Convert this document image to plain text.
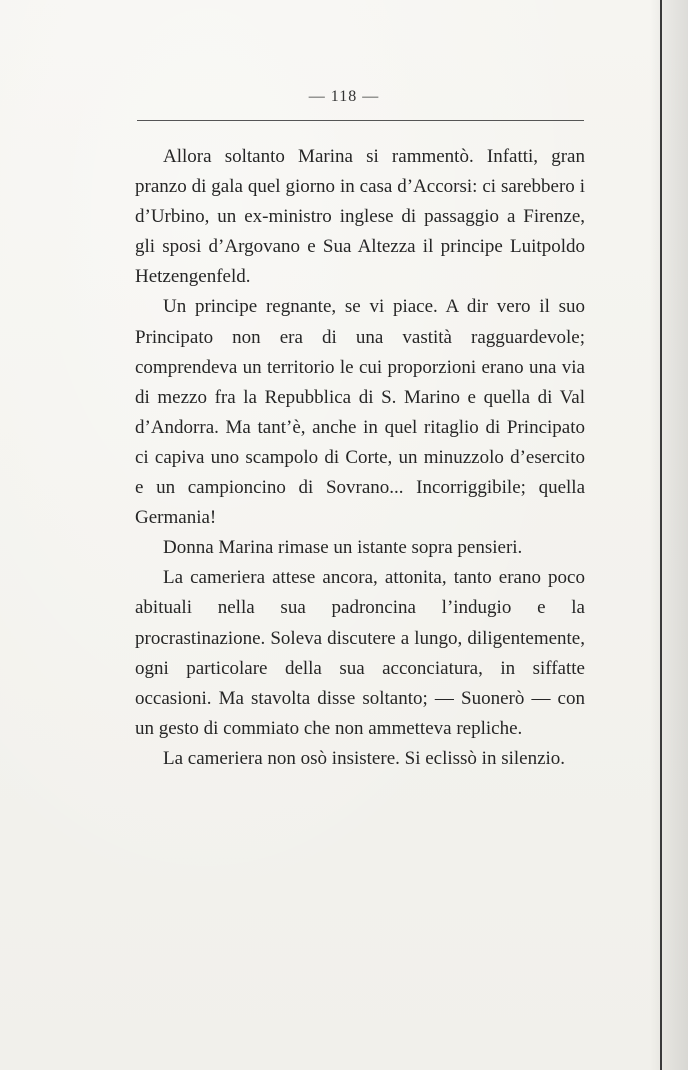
— 118 —

Allora soltanto Marina si rammentò. Infatti, gran pranzo di gala quel giorno in casa d’Accorsi: ci sarebbero i d’Urbino, un ex-ministro inglese di passaggio a Firenze, gli sposi d’Argovano e Sua Altezza il principe Luitpoldo Hetzengenfeld.

Un principe regnante, se vi piace. A dir vero il suo Principato non era di una vastità ragguardevole; comprendeva un territorio le cui proporzioni erano una via di mezzo fra la Repubblica di S. Marino e quella di Val d’Andorra. Ma tant’è, anche in quel ritaglio di Principato ci capiva uno scampolo di Corte, un minuzzolo d’esercito e un campioncino di Sovrano... Incorriggibile; quella Germania!

Donna Marina rimase un istante sopra pensieri.

La cameriera attese ancora, attonita, tanto erano poco abituali nella sua padroncina l’indugio e la procrastinazione. Soleva discutere a lungo, diligentemente, ogni particolare della sua acconciatura, in siffatte occasioni. Ma stavolta disse soltanto; — Suonerò — con un gesto di commiato che non ammetteva repliche.

La cameriera non osò insistere. Si eclissò in silenzio.
